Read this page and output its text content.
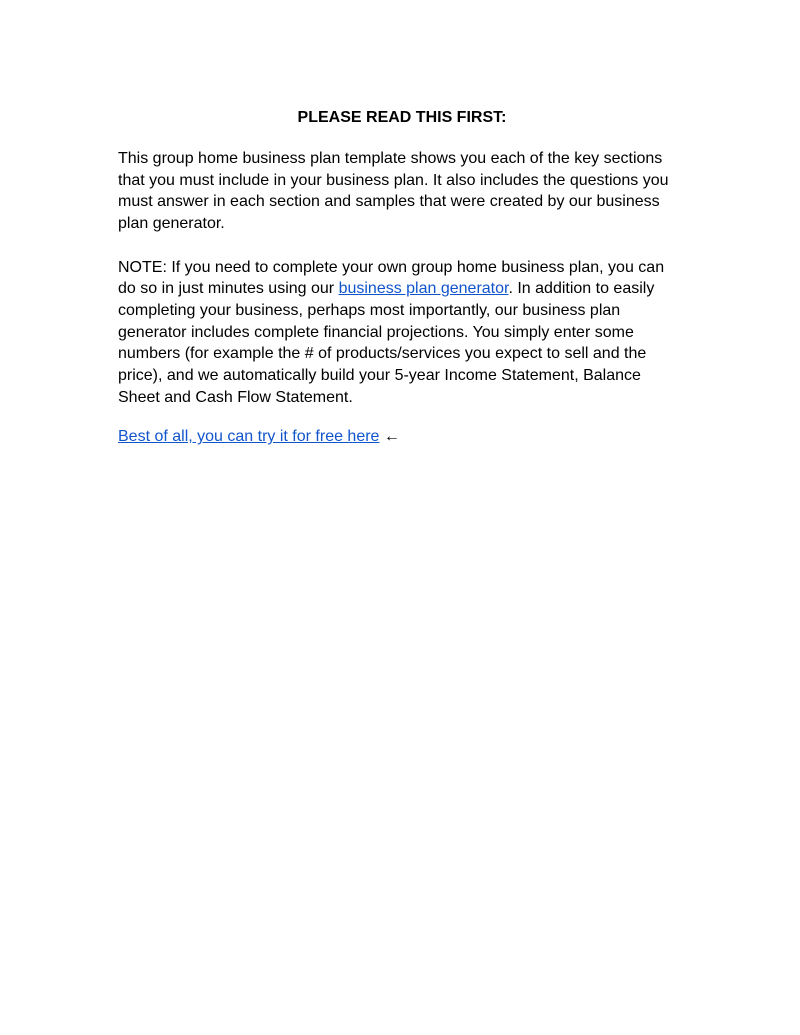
PLEASE READ THIS FIRST:

This group home business plan template shows you each of the key sections that you must include in your business plan. It also includes the questions you must answer in each section and samples that were created by our business plan generator.

NOTE: If you need to complete your own group home business plan, you can do so in just minutes using our business plan generator. In addition to easily completing your business, perhaps most importantly, our business plan generator includes complete financial projections. You simply enter some numbers (for example the # of products/services you expect to sell and the price), and we automatically build your 5-year Income Statement, Balance Sheet and Cash Flow Statement.

Best of all, you can try it for free here ←
